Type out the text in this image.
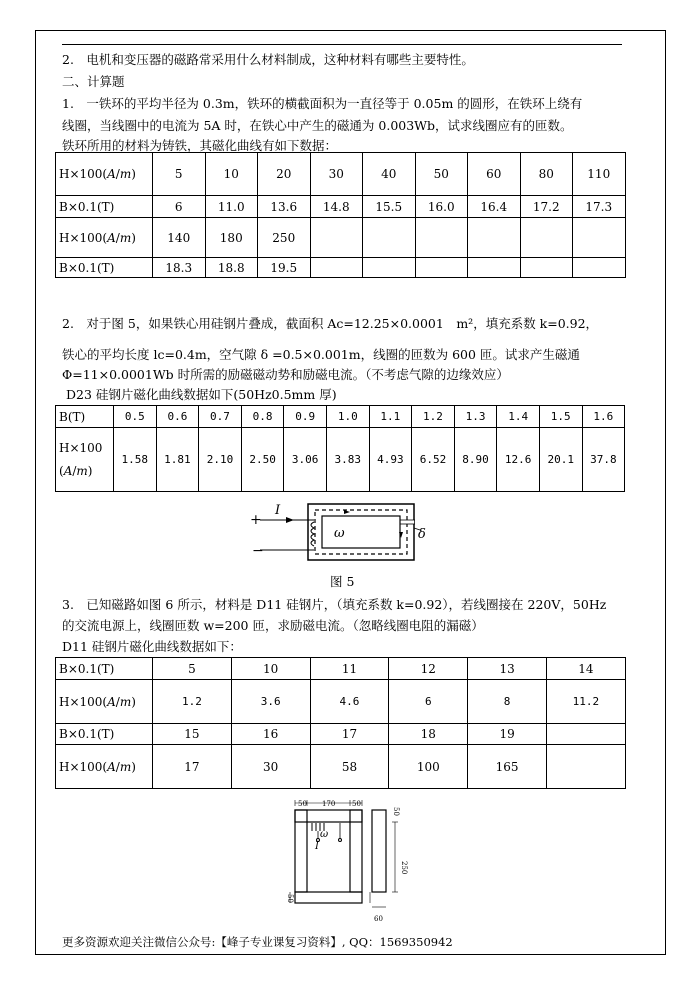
2.　电机和变压器的磁路常采用什么材料制成，这种材料有哪些主要特性。
二、计算题
1.　一铁环的平均半径为 0.3m，铁环的横截面积为一直径等于 0.05m 的圆形，在铁环上绕有
线圈，当线圈中的电流为 5A 时，在铁心中产生的磁通为 0.003Wb，试求线圈应有的匝数。
铁环所用的材料为铸铁，其磁化曲线有如下数据：
H×100(A/m)	5	10	20	30	40	50	60	80	110
B×0.1(T)	6	11.0	13.6	14.8	15.5	16.0	16.4	17.2	17.3
H×100(A/m)	140	180	250						
B×0.1(T)	18.3	18.8	19.5						
2.　对于图 5，如果铁心用硅钢片叠成，截面积 Ac=12.25×0.0001　m²，填充系数 k=0.92，
铁心的平均长度 lc=0.4m，空气隙 δ =0.5×0.001m，线圈的匝数为 600 匝。试求产生磁通
Φ=11×0.0001Wb 时所需的励磁磁动势和励磁电流。（不考虑气隙的边缘效应）
D23 硅钢片磁化曲线数据如下(50Hz0.5mm 厚)
B(T)	0.5	0.6	0.7	0.8	0.9	1.0	1.1	1.2	1.3	1.4	1.5	1.6
H×100
(A/m)	1.58	1.81	2.10	2.50	3.06	3.83	4.93	6.52	8.90	12.6	20.1	37.8
+
−
I
ω	δ
图 5
3.　已知磁路如图 6 所示，材料是 D11 硅钢片，（填充系数 k=0.92），若线圈接在 220V，50Hz
的交流电源上，线圈匝数 w=200 匝，求励磁电流。（忽略线圈电阻的漏磁）
D11 硅钢片磁化曲线数据如下：
B×0.1(T)	5	10	11	12	13	14
H×100(A/m)	1.2	3.6	4.6	6	8	11.2
B×0.1(T)	15	16	17	18	19	
H×100(A/m)	17	30	58	100	165	
50 170 50
250
50
50
60
ω
I
更多资源欢迎关注微信公众号:【峰子专业课复习资料】, QQ：1569350942
